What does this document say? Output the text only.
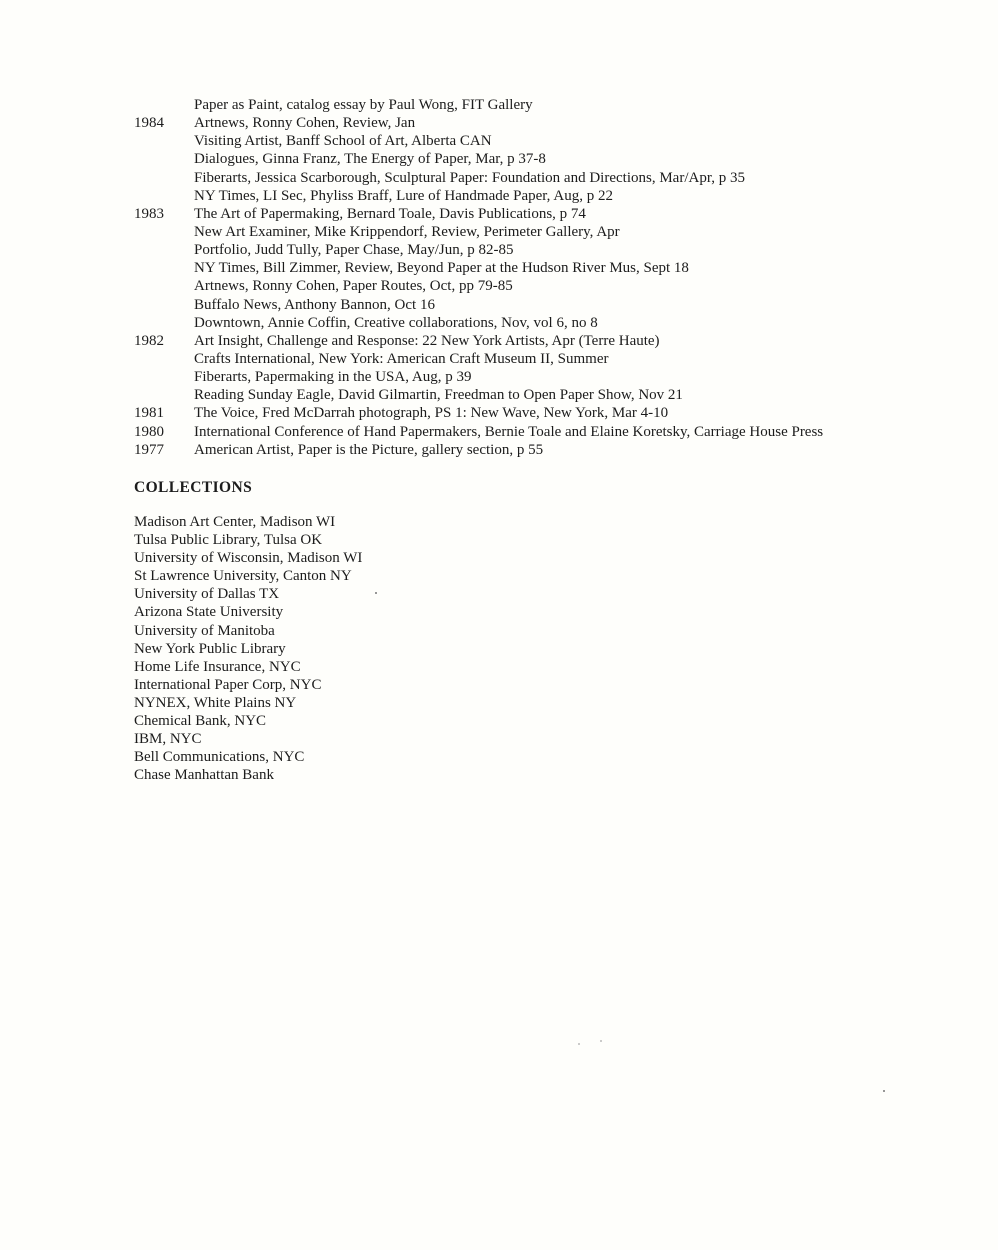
Paper as Paint, catalog essay by Paul Wong, FIT Gallery
1984	Artnews, Ronny Cohen, Review, Jan
Visiting Artist, Banff School of Art, Alberta CAN
Dialogues, Ginna Franz, The Energy of Paper, Mar, p 37-8
Fiberarts, Jessica Scarborough, Sculptural Paper: Foundation and Directions, Mar/Apr, p 35
NY Times, LI Sec, Phyliss Braff, Lure of Handmade Paper, Aug, p 22
1983	The Art of Papermaking, Bernard Toale, Davis Publications, p 74
New Art Examiner, Mike Krippendorf, Review, Perimeter Gallery, Apr
Portfolio, Judd Tully, Paper Chase, May/Jun, p 82-85
NY Times, Bill Zimmer, Review, Beyond Paper at the Hudson River Mus, Sept 18
Artnews, Ronny Cohen, Paper Routes, Oct, pp 79-85
Buffalo News, Anthony Bannon, Oct 16
Downtown, Annie Coffin, Creative collaborations, Nov, vol 6, no 8
1982	Art Insight, Challenge and Response: 22 New York Artists, Apr (Terre Haute)
Crafts International, New York: American Craft Museum II, Summer
Fiberarts, Papermaking in the USA, Aug, p 39
Reading Sunday Eagle, David Gilmartin, Freedman to Open Paper Show, Nov 21
1981	The Voice, Fred McDarrah photograph, PS 1: New Wave, New York, Mar 4-10
1980	International Conference of Hand Papermakers, Bernie Toale and Elaine Koretsky, Carriage House Press
1977	American Artist, Paper is the Picture, gallery section, p 55
COLLECTIONS
Madison Art Center, Madison WI
Tulsa Public Library, Tulsa OK
University of Wisconsin, Madison WI
St Lawrence University, Canton NY
University of Dallas TX
Arizona State University
University of Manitoba
New York Public Library
Home Life Insurance, NYC
International Paper Corp, NYC
NYNEX, White Plains NY
Chemical Bank, NYC
IBM, NYC
Bell Communications, NYC
Chase Manhattan Bank
